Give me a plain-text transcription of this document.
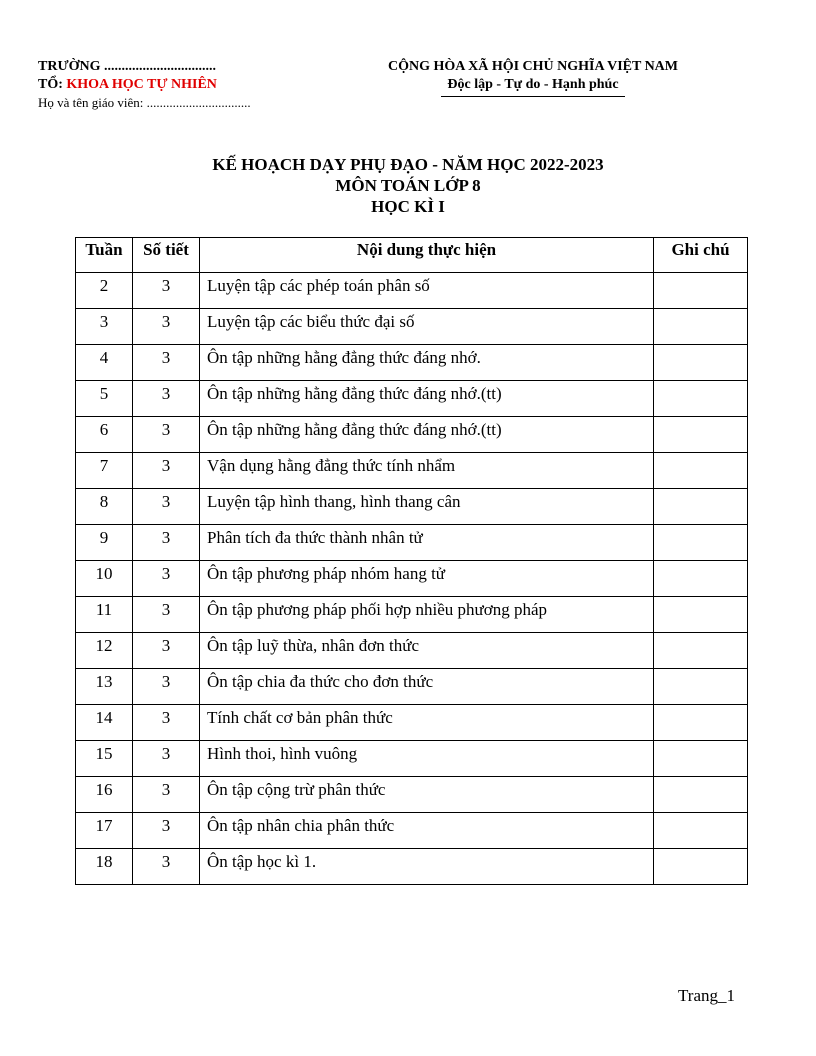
TRƯỜNG ................................
TỔ: KHOA HỌC TỰ NHIÊN
Họ và tên giáo viên: ................................
CỘNG HÒA XÃ HỘI CHỦ NGHĨA VIỆT NAM
Độc lập - Tự do - Hạnh phúc
KẾ HOẠCH DẠY PHỤ ĐẠO - NĂM HỌC 2022-2023
MÔN TOÁN LỚP 8
HỌC KÌ I
Tuần	Số tiết	Nội dung thực hiện	Ghi chú
2	3	Luyện tập các phép toán phân số	
3	3	Luyện tập các biểu thức đại số	
4	3	Ôn tập những hằng đẳng thức đáng nhớ.	
5	3	Ôn tập những hằng đẳng thức đáng nhớ.(tt)	
6	3	Ôn tập những hằng đẳng thức đáng nhớ.(tt)	
7	3	Vận dụng hằng đẳng thức tính nhẩm	
8	3	Luyện tập hình thang, hình thang cân	
9	3	Phân tích đa thức thành nhân tử	
10	3	Ôn tập phương pháp nhóm hang tử	
11	3	Ôn tập phương pháp phối hợp nhiều phương pháp	
12	3	Ôn tập luỹ thừa, nhân đơn thức	
13	3	Ôn tập chia đa thức cho đơn thức	
14	3	Tính chất cơ bản phân thức	
15	3	Hình thoi, hình vuông	
16	3	Ôn tập cộng trừ phân thức	
17	3	Ôn tập nhân chia phân thức	
18	3	Ôn tập học kì 1.	
Trang_1
